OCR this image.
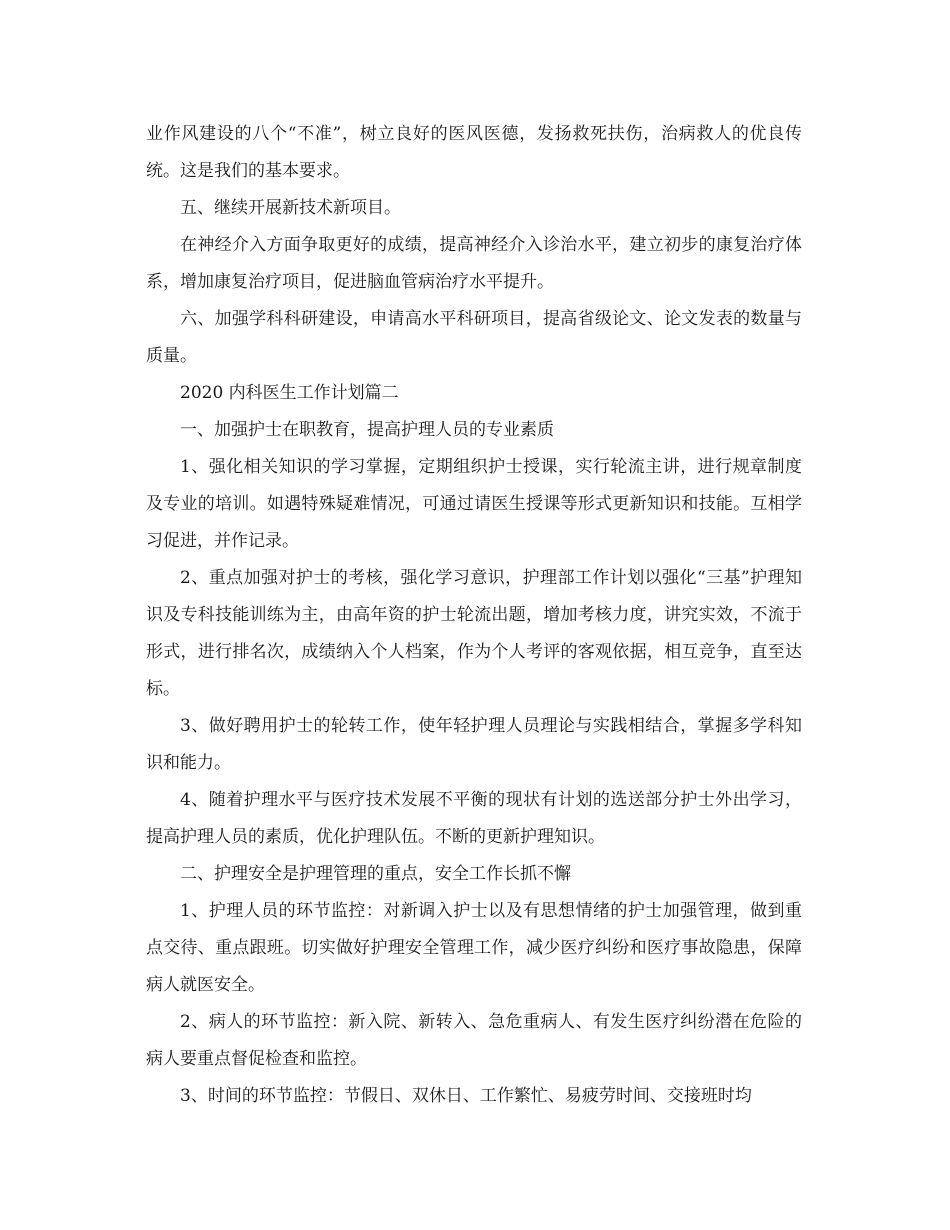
业作风建设的八个“不准”，树立良好的医风医德，发扬救死扶伤，治病救人的优良传统。这是我们的基本要求。

五、继续开展新技术新项目。

在神经介入方面争取更好的成绩，提高神经介入诊治水平，建立初步的康复治疗体系，增加康复治疗项目，促进脑血管病治疗水平提升。

六、加强学科科研建设，申请高水平科研项目，提高省级论文、论文发表的数量与质量。

2020 内科医生工作计划篇二

一、加强护士在职教育，提高护理人员的专业素质

1、强化相关知识的学习掌握，定期组织护士授课，实行轮流主讲，进行规章制度及专业的培训。如遇特殊疑难情况，可通过请医生授课等形式更新知识和技能。互相学习促进，并作记录。

2、重点加强对护士的考核，强化学习意识，护理部工作计划以强化“三基”护理知识及专科技能训练为主，由高年资的护士轮流出题，增加考核力度，讲究实效，不流于形式，进行排名次，成绩纳入个人档案，作为个人考评的客观依据，相互竞争，直至达标。

3、做好聘用护士的轮转工作，使年轻护理人员理论与实践相结合，掌握多学科知识和能力。

4、随着护理水平与医疗技术发展不平衡的现状有计划的选送部分护士外出学习，提高护理人员的素质，优化护理队伍。不断的更新护理知识。

二、护理安全是护理管理的重点，安全工作长抓不懈

1、护理人员的环节监控：对新调入护士以及有思想情绪的护士加强管理，做到重点交待、重点跟班。切实做好护理安全管理工作，减少医疗纠纷和医疗事故隐患，保障病人就医安全。

2、病人的环节监控：新入院、新转入、急危重病人、有发生医疗纠纷潜在危险的病人要重点督促检查和监控。

3、时间的环节监控：节假日、双休日、工作繁忙、易疲劳时间、交接班时均
